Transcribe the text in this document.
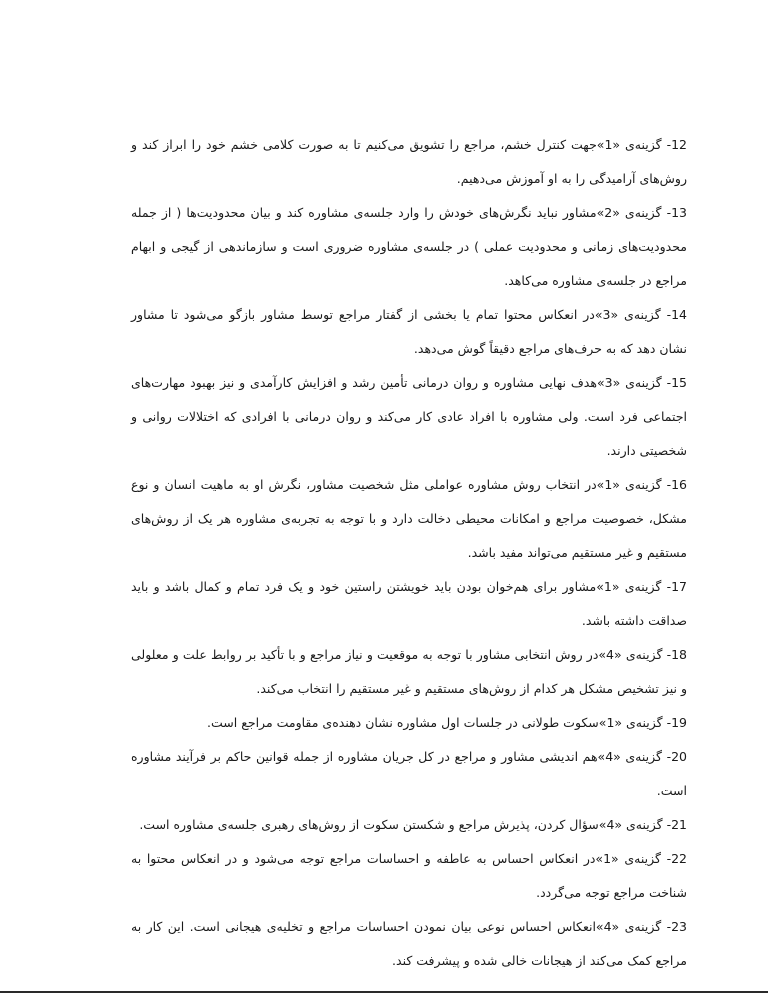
12- گزینه‌ی «1»جهت کنترل خشم، مراجع را تشویق می‌کنیم تا به صورت کلامی خشم خود را ابراز کند و روش‌های آرامیدگی را به او آموزش می‌دهیم.

13- گزینه‌ی «2»مشاور نباید نگرش‌های خودش را وارد جلسه‌ی مشاوره کند و بیان محدودیت‌ها ( از جمله محدودیت‌های زمانی و محدودیت عملی ) در جلسه‌ی مشاوره ضروری است و سازماندهی از گیجی و ابهام مراجع در جلسه‌ی مشاوره می‌کاهد.

14- گزینه‌ی «3»در انعکاس محتوا تمام یا بخشی از گفتار مراجع توسط مشاور بازگو می‌شود تا مشاور نشان دهد که به حرف‌های مراجع دقیقاً گوش می‌دهد.

15- گزینه‌ی «3»هدف نهایی مشاوره و روان درمانی تأمین رشد و افزایش کارآمدی و نیز بهبود مهارت‌های اجتماعی فرد است. ولی مشاوره با افراد عادی کار می‌کند و روان درمانی با افرادی که اختلالات روانی و شخصیتی دارند.

16- گزینه‌ی «1»در انتخاب روش مشاوره عواملی مثل شخصیت مشاور، نگرش او به ماهیت انسان و نوع مشکل، خصوصیت مراجع و امکانات محیطی دخالت دارد و با توجه به تجربه‌ی مشاوره هر یک از روش‌های مستقیم و غیر مستقیم می‌تواند مفید باشد.

17- گزینه‌ی «1»مشاور برای هم‌خوان بودن باید خویشتن راستین خود و یک فرد تمام و کمال باشد و باید صداقت داشته باشد.

18- گزینه‌ی «4»در روش انتخابی مشاور با توجه به موقعیت و نیاز مراجع و با تأکید بر روابط علت و معلولی و نیز تشخیص مشکل هر کدام از روش‌های مستقیم و غیر مستقیم را انتخاب می‌کند.

19- گزینه‌ی «1»سکوت طولانی در جلسات اول مشاوره نشان دهنده‌ی مقاومت مراجع است.

20- گزینه‌ی «4»هم اندیشی مشاور و مراجع در کل جریان مشاوره از جمله قوانین حاکم بر فرآیند مشاوره است.

21- گزینه‌ی «4»سؤال کردن، پذیرش مراجع و شکستن سکوت از روش‌های رهبری جلسه‌ی مشاوره است.

22- گزینه‌ی «1»در انعکاس احساس به عاطفه و احساسات مراجع توجه می‌شود و در انعکاس محتوا به شناخت مراجع توجه می‌گردد.

23- گزینه‌ی «4»انعکاس احساس نوعی بیان نمودن احساسات مراجع و تخلیه‌ی هیجانی است. این کار به مراجع کمک می‌کند از هیجانات خالی شده و پیشرفت کند.
